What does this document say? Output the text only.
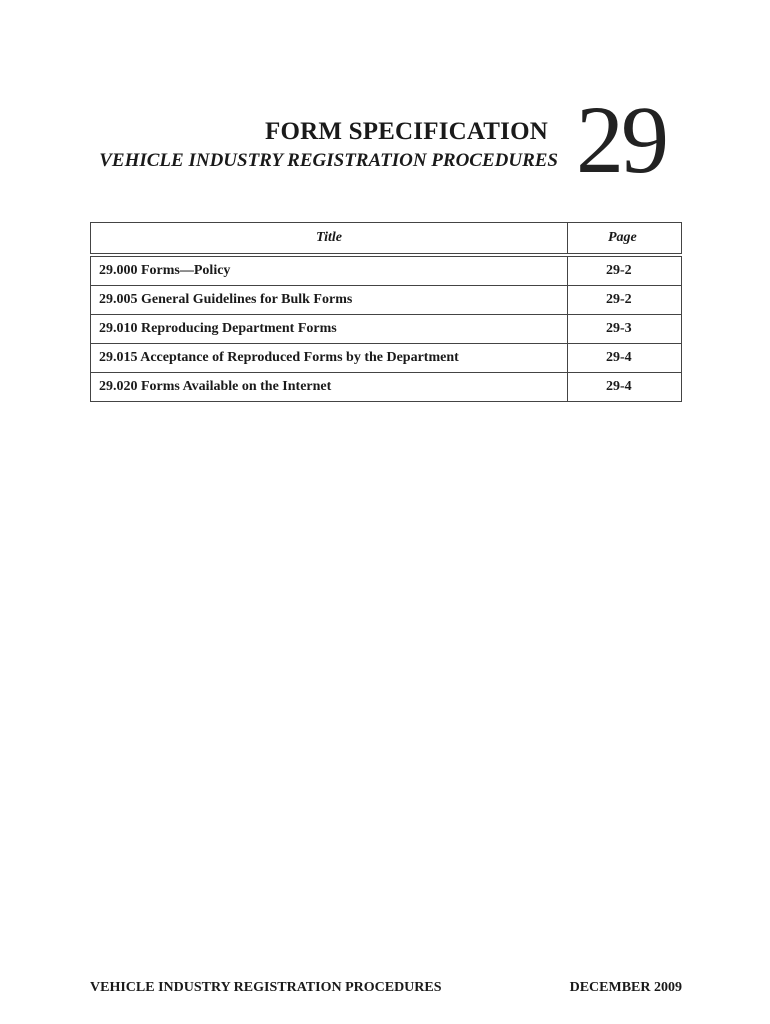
FORM SPECIFICATION
VEHICLE INDUSTRY REGISTRATION PROCEDURES 29
Title	Page
29.000 Forms—Policy	29-2
29.005 General Guidelines for Bulk Forms	29-2
29.010 Reproducing Department Forms	29-3
29.015 Acceptance of Reproduced Forms by the Department	29-4
29.020 Forms Available on the Internet	29-4
VEHICLE INDUSTRY REGISTRATION PROCEDURES	DECEMBER 2009
